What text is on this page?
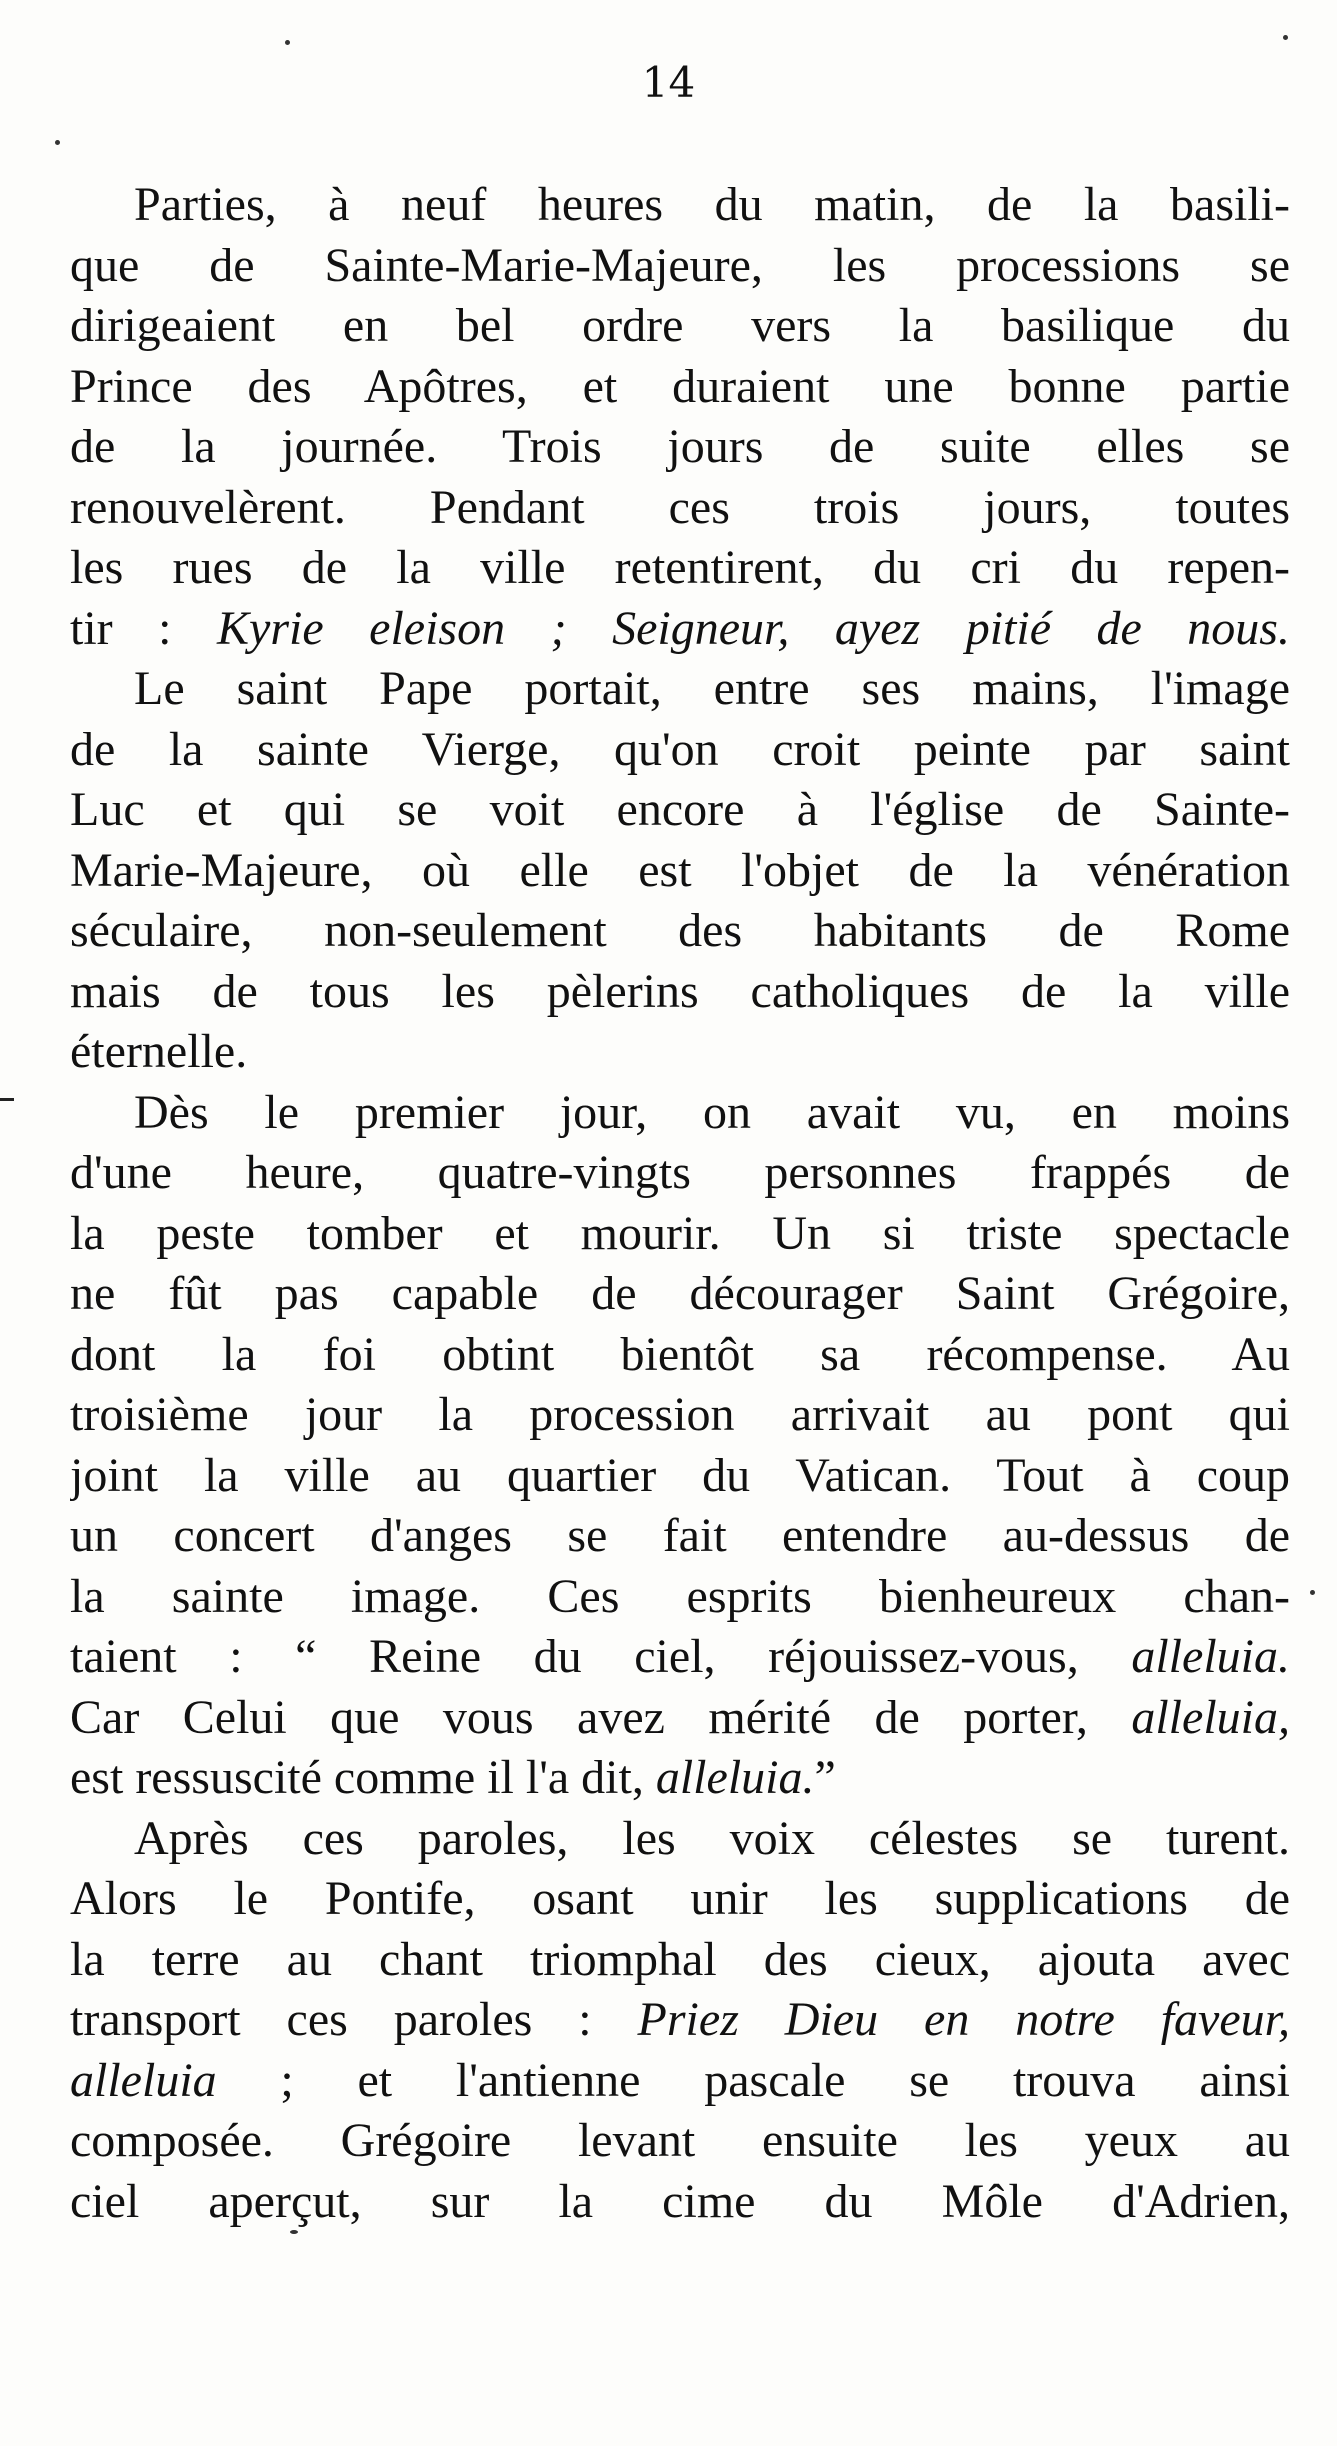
14
Parties, à neuf heures du matin, de la basili-
que de Sainte-Marie-Majeure, les processions se
dirigeaient en bel ordre vers la basilique du
Prince des Apôtres, et duraient une bonne partie
de la journée. Trois jours de suite elles se
renouvelèrent. Pendant ces trois jours, toutes
les rues de la ville retentirent, du cri du repen-
tir : Kyrie eleison ; Seigneur, ayez pitié de nous.
Le saint Pape portait, entre ses mains, l'image
de la sainte Vierge, qu'on croit peinte par saint
Luc et qui se voit encore à l'église de Sainte-
Marie-Majeure, où elle est l'objet de la vénération
séculaire, non-seulement des habitants de Rome
mais de tous les pèlerins catholiques de la ville
éternelle.
Dès le premier jour, on avait vu, en moins
d'une heure, quatre-vingts personnes frappés de
la peste tomber et mourir. Un si triste spectacle
ne fût pas capable de décourager Saint Grégoire,
dont la foi obtint bientôt sa récompense. Au
troisième jour la procession arrivait au pont qui
joint la ville au quartier du Vatican. Tout à coup
un concert d'anges se fait entendre au-dessus de
la sainte image. Ces esprits bienheureux chan-
taient : “ Reine du ciel, réjouissez-vous, alleluia.
Car Celui que vous avez mérité de porter, alleluia,
est ressuscité comme il l'a dit, alleluia.”
Après ces paroles, les voix célestes se turent.
Alors le Pontife, osant unir les supplications de
la terre au chant triomphal des cieux, ajouta avec
transport ces paroles : Priez Dieu en notre faveur,
alleluia ; et l'antienne pascale se trouva ainsi
composée. Grégoire levant ensuite les yeux au
ciel aperçut, sur la cime du Môle d'Adrien,
